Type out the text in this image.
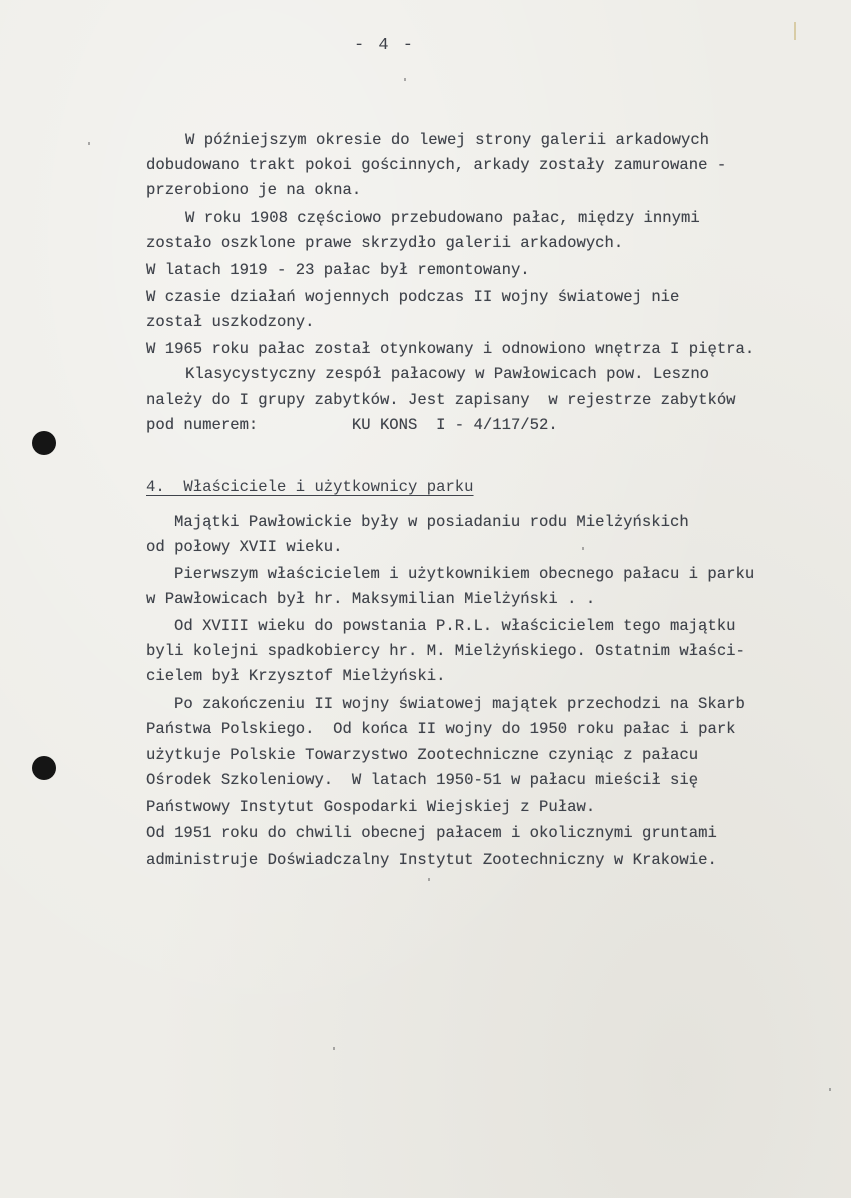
- 4 -
W późniejszym okresie do lewej strony galerii arkadowych
dobudowano trakt pokoi gościnnych, arkady zostały zamurowane -
przerobiono je na okna.
W roku 1908 częściowo przebudowano pałac, między innymi
zostało oszklone prawe skrzydło galerii arkadowych.
W latach 1919 - 23 pałac był remontowany.
W czasie działań wojennych podczas II wojny światowej nie
został uszkodzony.
W 1965 roku pałac został otynkowany i odnowiono wnętrza I piętra.
Klasycystyczny zespół pałacowy w Pawłowicach pow. Leszno
należy do I grupy zabytków. Jest zapisany  w rejestrze zabytków
pod numerem:          KU KONS  I - 4/117/52.
4.  Właściciele i użytkownicy parku
Majątki Pawłowickie były w posiadaniu rodu Mielżyńskich
od połowy XVII wieku.
Pierwszym właścicielem i użytkownikiem obecnego pałacu i parku
w Pawłowicach był hr. Maksymilian Mielżyński . .
Od XVIII wieku do powstania P.R.L. właścicielem tego majątku
byli kolejni spadkobiercy hr. M. Mielżyńskiego. Ostatnim właści-
cielem był Krzysztof Mielżyński.
Po zakończeniu II wojny światowej majątek przechodzi na Skarb
Państwa Polskiego.  Od końca II wojny do 1950 roku pałac i park
użytkuje Polskie Towarzystwo Zootechniczne czyniąc z pałacu
Ośrodek Szkoleniowy.  W latach 1950-51 w pałacu mieścił się
Państwowy Instytut Gospodarki Wiejskiej z Puław.
Od 1951 roku do chwili obecnej pałacem i okolicznymi gruntami
administruje Doświadczalny Instytut Zootechniczny w Krakowie.
